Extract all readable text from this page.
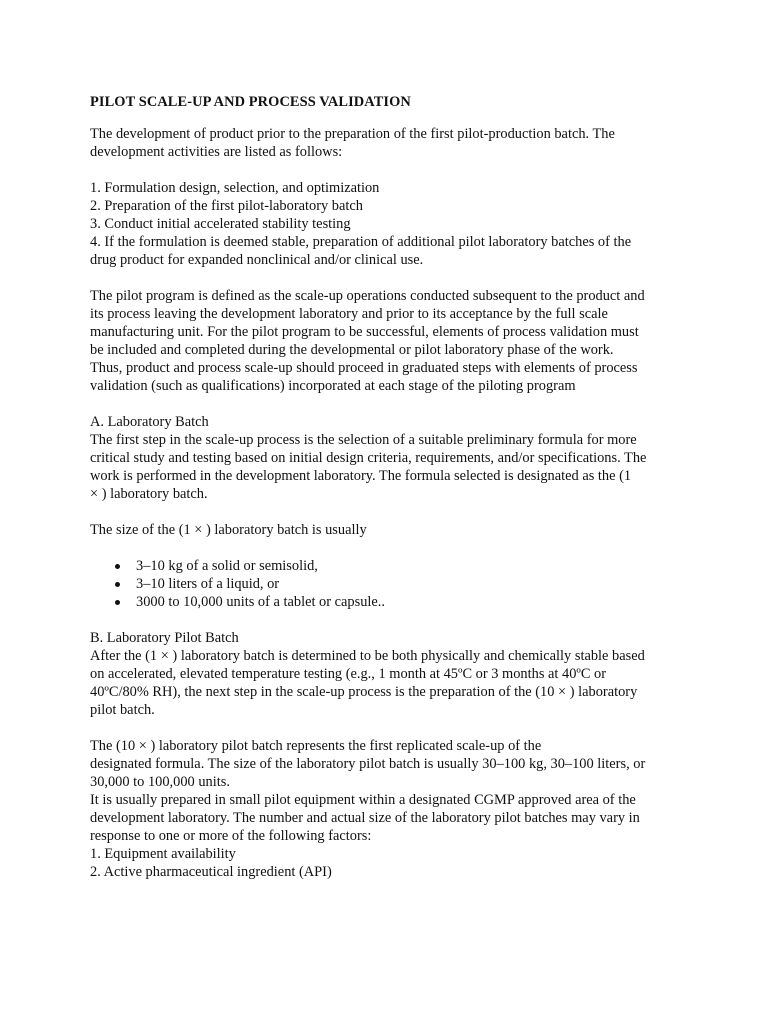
PILOT SCALE-UP AND PROCESS VALIDATION
The development of product prior to the preparation of the first pilot-production batch. The
development activities are listed as follows:
1. Formulation design, selection, and optimization
2. Preparation of the first pilot-laboratory batch
3. Conduct initial accelerated stability testing
4. If the formulation is deemed stable, preparation of additional pilot laboratory batches of the
drug product for expanded nonclinical and/or clinical use.
The pilot program is defined as the scale-up operations conducted subsequent to the product and
its process leaving the development laboratory and prior to its acceptance by the full scale
manufacturing unit. For the pilot program to be successful, elements of process validation must
be included and completed during the developmental or pilot laboratory phase of the work.
Thus, product and process scale-up should proceed in graduated steps with elements of process
validation (such as qualifications) incorporated at each stage of the piloting program
A. Laboratory Batch
The first step in the scale-up process is the selection of a suitable preliminary formula for more
critical study and testing based on initial design criteria, requirements, and/or specifications. The
work is performed in the development laboratory. The formula selected is designated as the (1
× ) laboratory batch.
The size of the (1 × ) laboratory batch is usually
3–10 kg of a solid or semisolid,
3–10 liters of a liquid, or
3000 to 10,000 units of a tablet or capsule..
B. Laboratory Pilot Batch
After the (1 × ) laboratory batch is determined to be both physically and chemically stable based
on accelerated, elevated temperature testing (e.g., 1 month at 45ºC or 3 months at 40ºC or
40ºC/80% RH), the next step in the scale-up process is the preparation of the (10 × ) laboratory
pilot batch.
The (10 × ) laboratory pilot batch represents the first replicated scale-up of the
designated formula. The size of the laboratory pilot batch is usually 30–100 kg, 30–100 liters, or
30,000 to 100,000 units.
It is usually prepared in small pilot equipment within a designated CGMP approved area of the
development laboratory. The number and actual size of the laboratory pilot batches may vary in
response to one or more of the following factors:
1. Equipment availability
2. Active pharmaceutical ingredient (API)
